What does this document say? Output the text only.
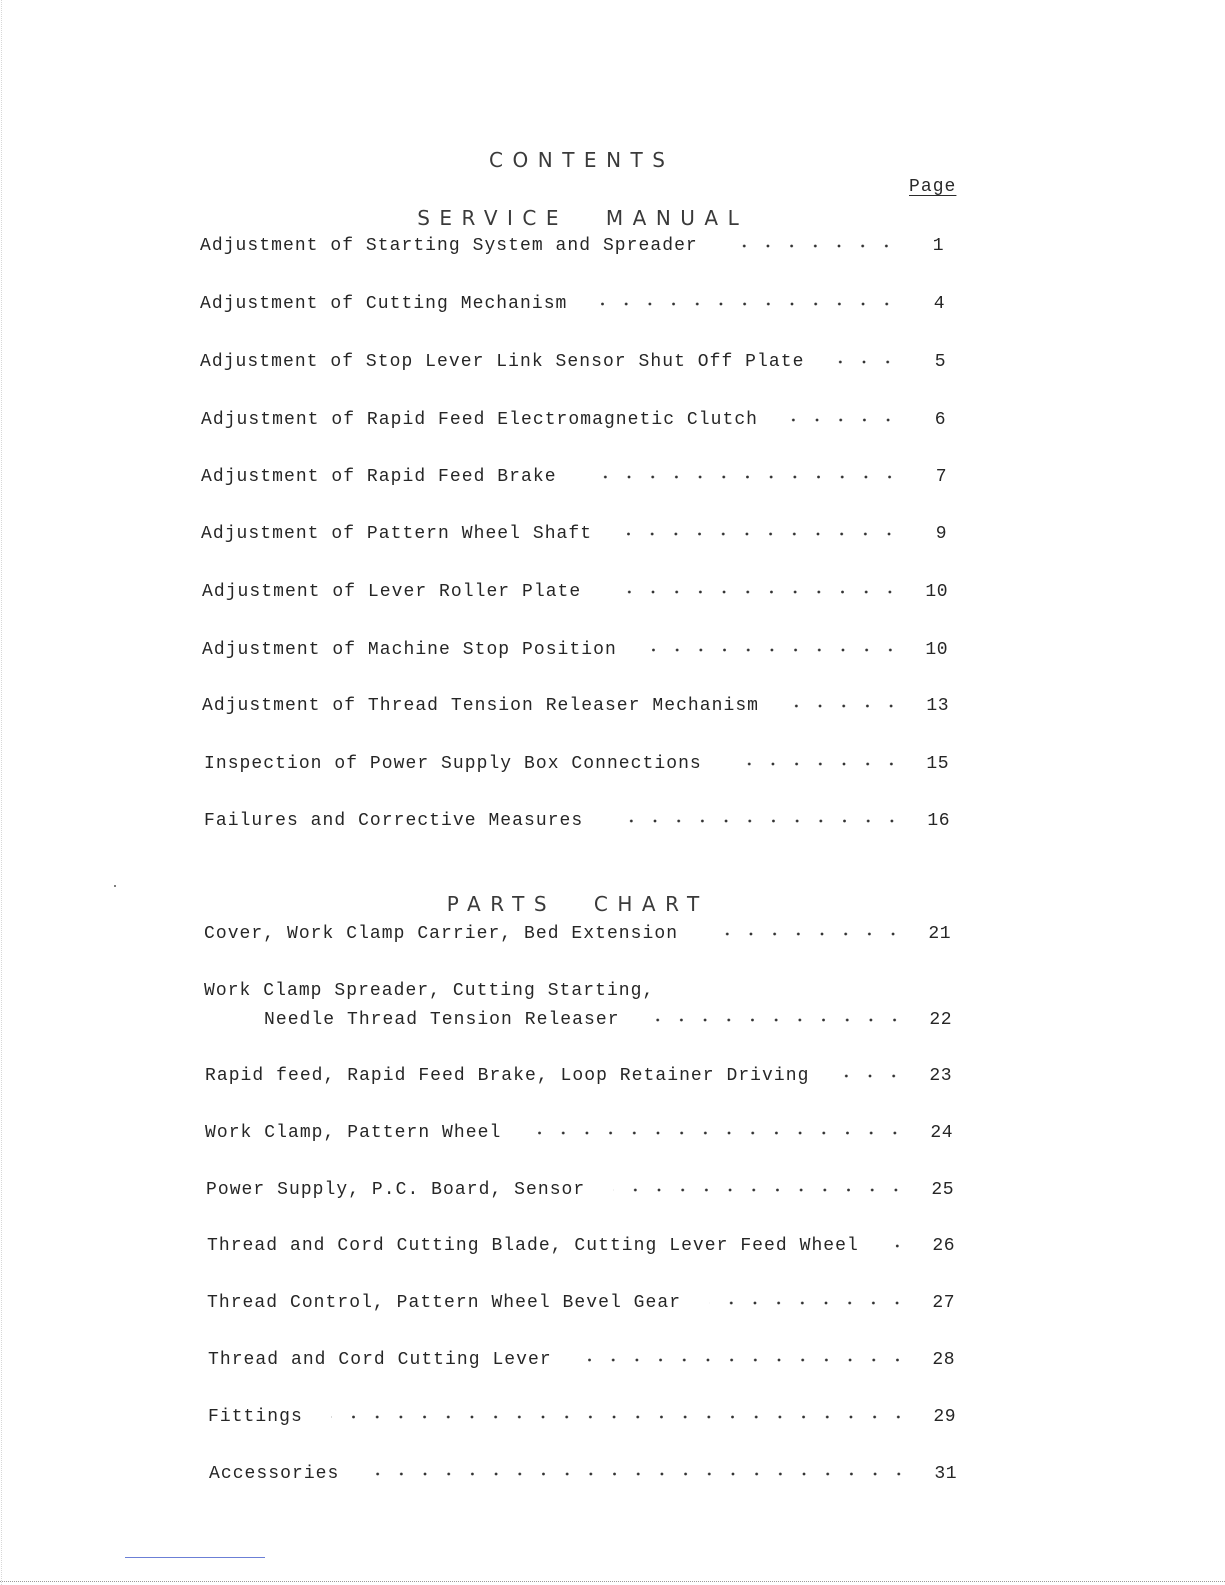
CONTENTS
Page
SERVICE MANUAL
Adjustment of Starting System and Spreader	1
Adjustment of Cutting Mechanism	4
Adjustment of Stop Lever Link Sensor Shut Off Plate	5
Adjustment of Rapid Feed Electromagnetic Clutch	6
Adjustment of Rapid Feed Brake	7
Adjustment of Pattern Wheel Shaft	9
Adjustment of Lever Roller Plate	10
Adjustment of Machine Stop Position	10
Adjustment of Thread Tension Releaser Mechanism	13
Inspection of Power Supply Box Connections	15
Failures and Corrective Measures	16
PARTS CHART
Cover, Work Clamp Carrier, Bed Extension	21
Work Clamp Spreader, Cutting Starting,
Needle Thread Tension Releaser	22
Rapid feed, Rapid Feed Brake, Loop Retainer Driving	23
Work Clamp, Pattern Wheel	24
Power Supply, P.C. Board, Sensor	25
Thread and Cord Cutting Blade, Cutting Lever Feed Wheel	26
Thread Control, Pattern Wheel Bevel Gear	27
Thread and Cord Cutting Lever	28
Fittings	29
Accessories	31
